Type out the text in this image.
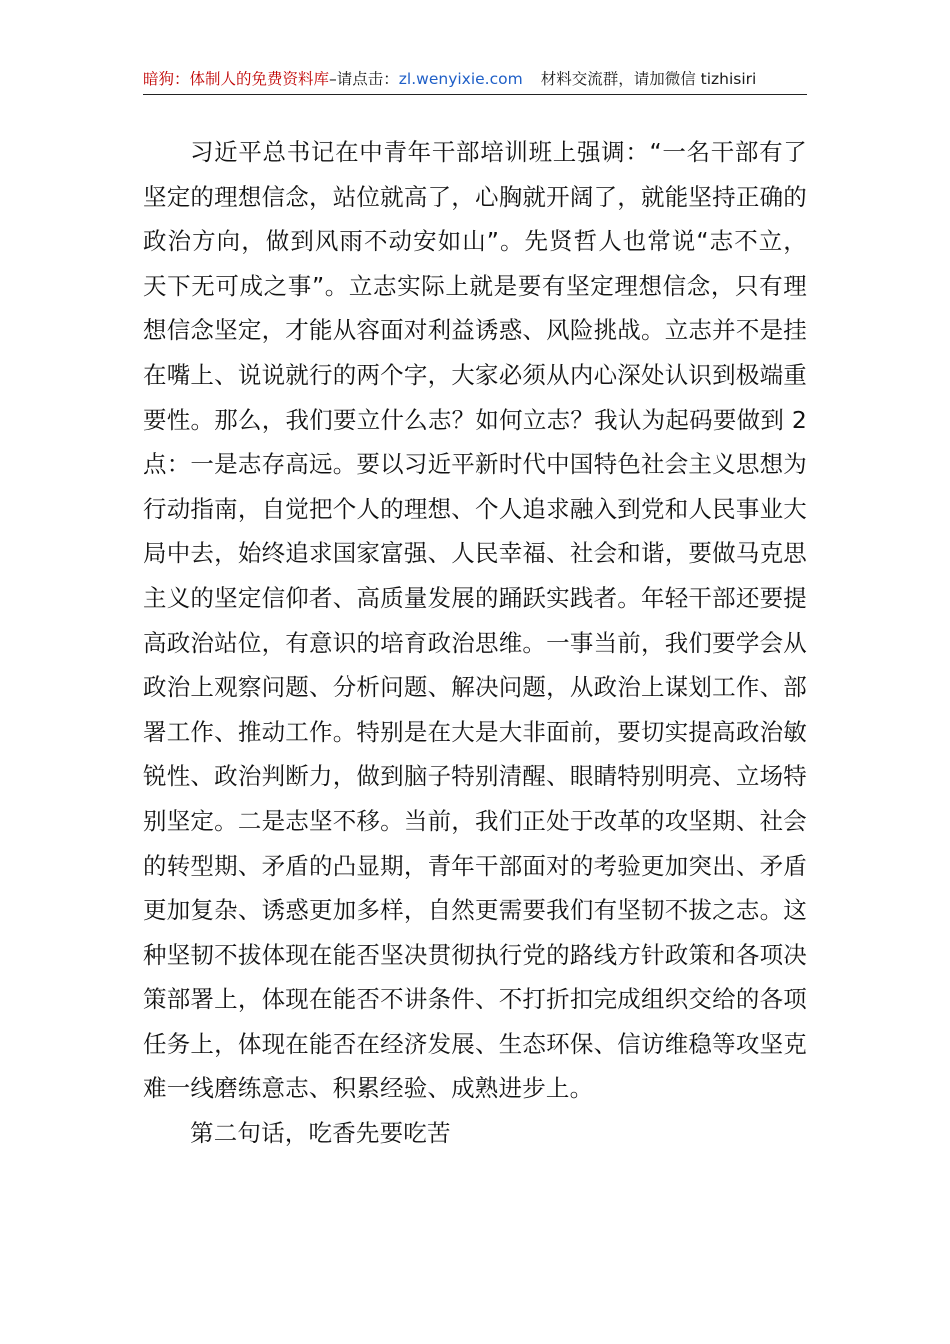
暗狗：体制人的免费资料库–请点击：zl.wenyixie.com 材料交流群，请加微信 tizhisiri

习近平总书记在中青年干部培训班上强调：“一名干部有了坚定的理想信念，站位就高了，心胸就开阔了，就能坚持正确的政治方向，做到风雨不动安如山”。先贤哲人也常说“志不立，天下无可成之事”。立志实际上就是要有坚定理想信念，只有理想信念坚定，才能从容面对利益诱惑、风险挑战。立志并不是挂在嘴上、说说就行的两个字，大家必须从内心深处认识到极端重要性。那么，我们要立什么志？如何立志？我认为起码要做到 2 点：一是志存高远。要以习近平新时代中国特色社会主义思想为行动指南，自觉把个人的理想、个人追求融入到党和人民事业大局中去，始终追求国家富强、人民幸福、社会和谐，要做马克思主义的坚定信仰者、高质量发展的踊跃实践者。年轻干部还要提高政治站位，有意识的培育政治思维。一事当前，我们要学会从政治上观察问题、分析问题、解决问题，从政治上谋划工作、部署工作、推动工作。特别是在大是大非面前，要切实提高政治敏锐性、政治判断力，做到脑子特别清醒、眼睛特别明亮、立场特别坚定。二是志坚不移。当前，我们正处于改革的攻坚期、社会的转型期、矛盾的凸显期，青年干部面对的考验更加突出、矛盾更加复杂、诱惑更加多样，自然更需要我们有坚韧不拔之志。这种坚韧不拔体现在能否坚决贯彻执行党的路线方针政策和各项决策部署上，体现在能否不讲条件、不打折扣完成组织交给的各项任务上，体现在能否在经济发展、生态环保、信访维稳等攻坚克难一线磨练意志、积累经验、成熟进步上。

第二句话，吃香先要吃苦
